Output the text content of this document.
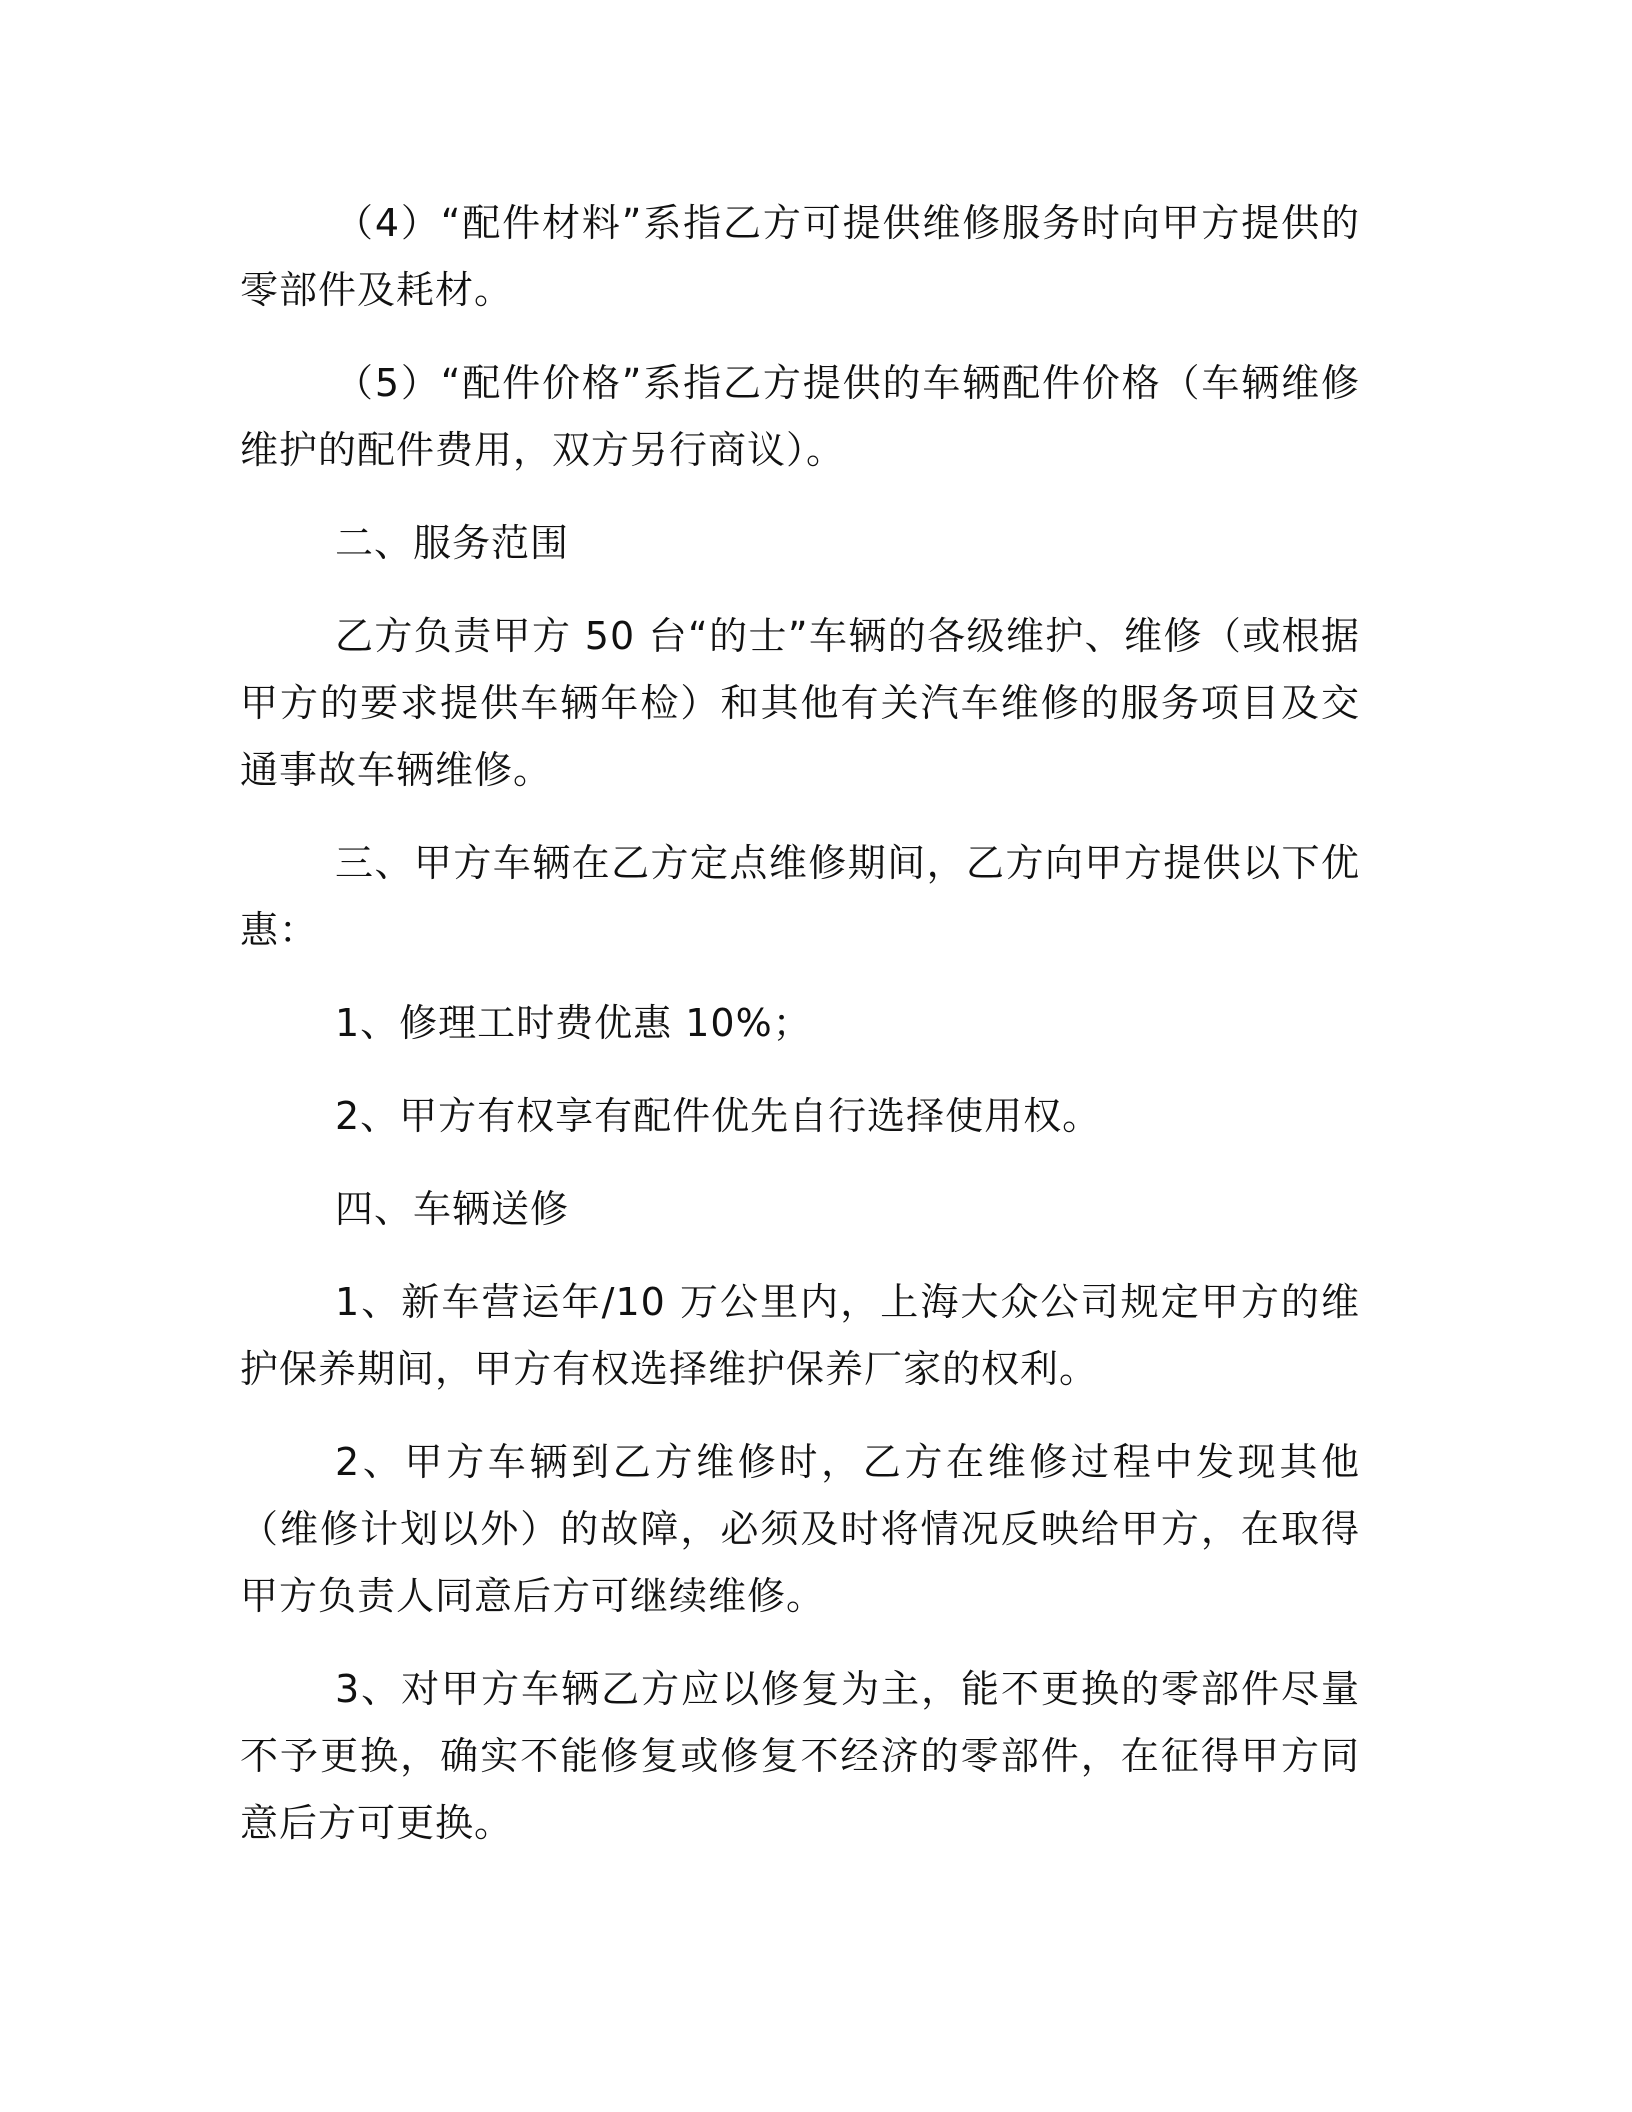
（4）“配件材料”系指乙方可提供维修服务时向甲方提供的零部件及耗材。

（5）“配件价格”系指乙方提供的车辆配件价格（车辆维修维护的配件费用，双方另行商议）。

二、服务范围

乙方负责甲方 50 台“的士”车辆的各级维护、维修（或根据甲方的要求提供车辆年检）和其他有关汽车维修的服务项目及交通事故车辆维修。

三、甲方车辆在乙方定点维修期间，乙方向甲方提供以下优惠：

1、修理工时费优惠 10%；

2、甲方有权享有配件优先自行选择使用权。

四、车辆送修

1、新车营运年/10 万公里内，上海大众公司规定甲方的维护保养期间，甲方有权选择维护保养厂家的权利。

2、甲方车辆到乙方维修时，乙方在维修过程中发现其他（维修计划以外）的故障，必须及时将情况反映给甲方，在取得甲方负责人同意后方可继续维修。

3、对甲方车辆乙方应以修复为主，能不更换的零部件尽量不予更换，确实不能修复或修复不经济的零部件，在征得甲方同意后方可更换。
